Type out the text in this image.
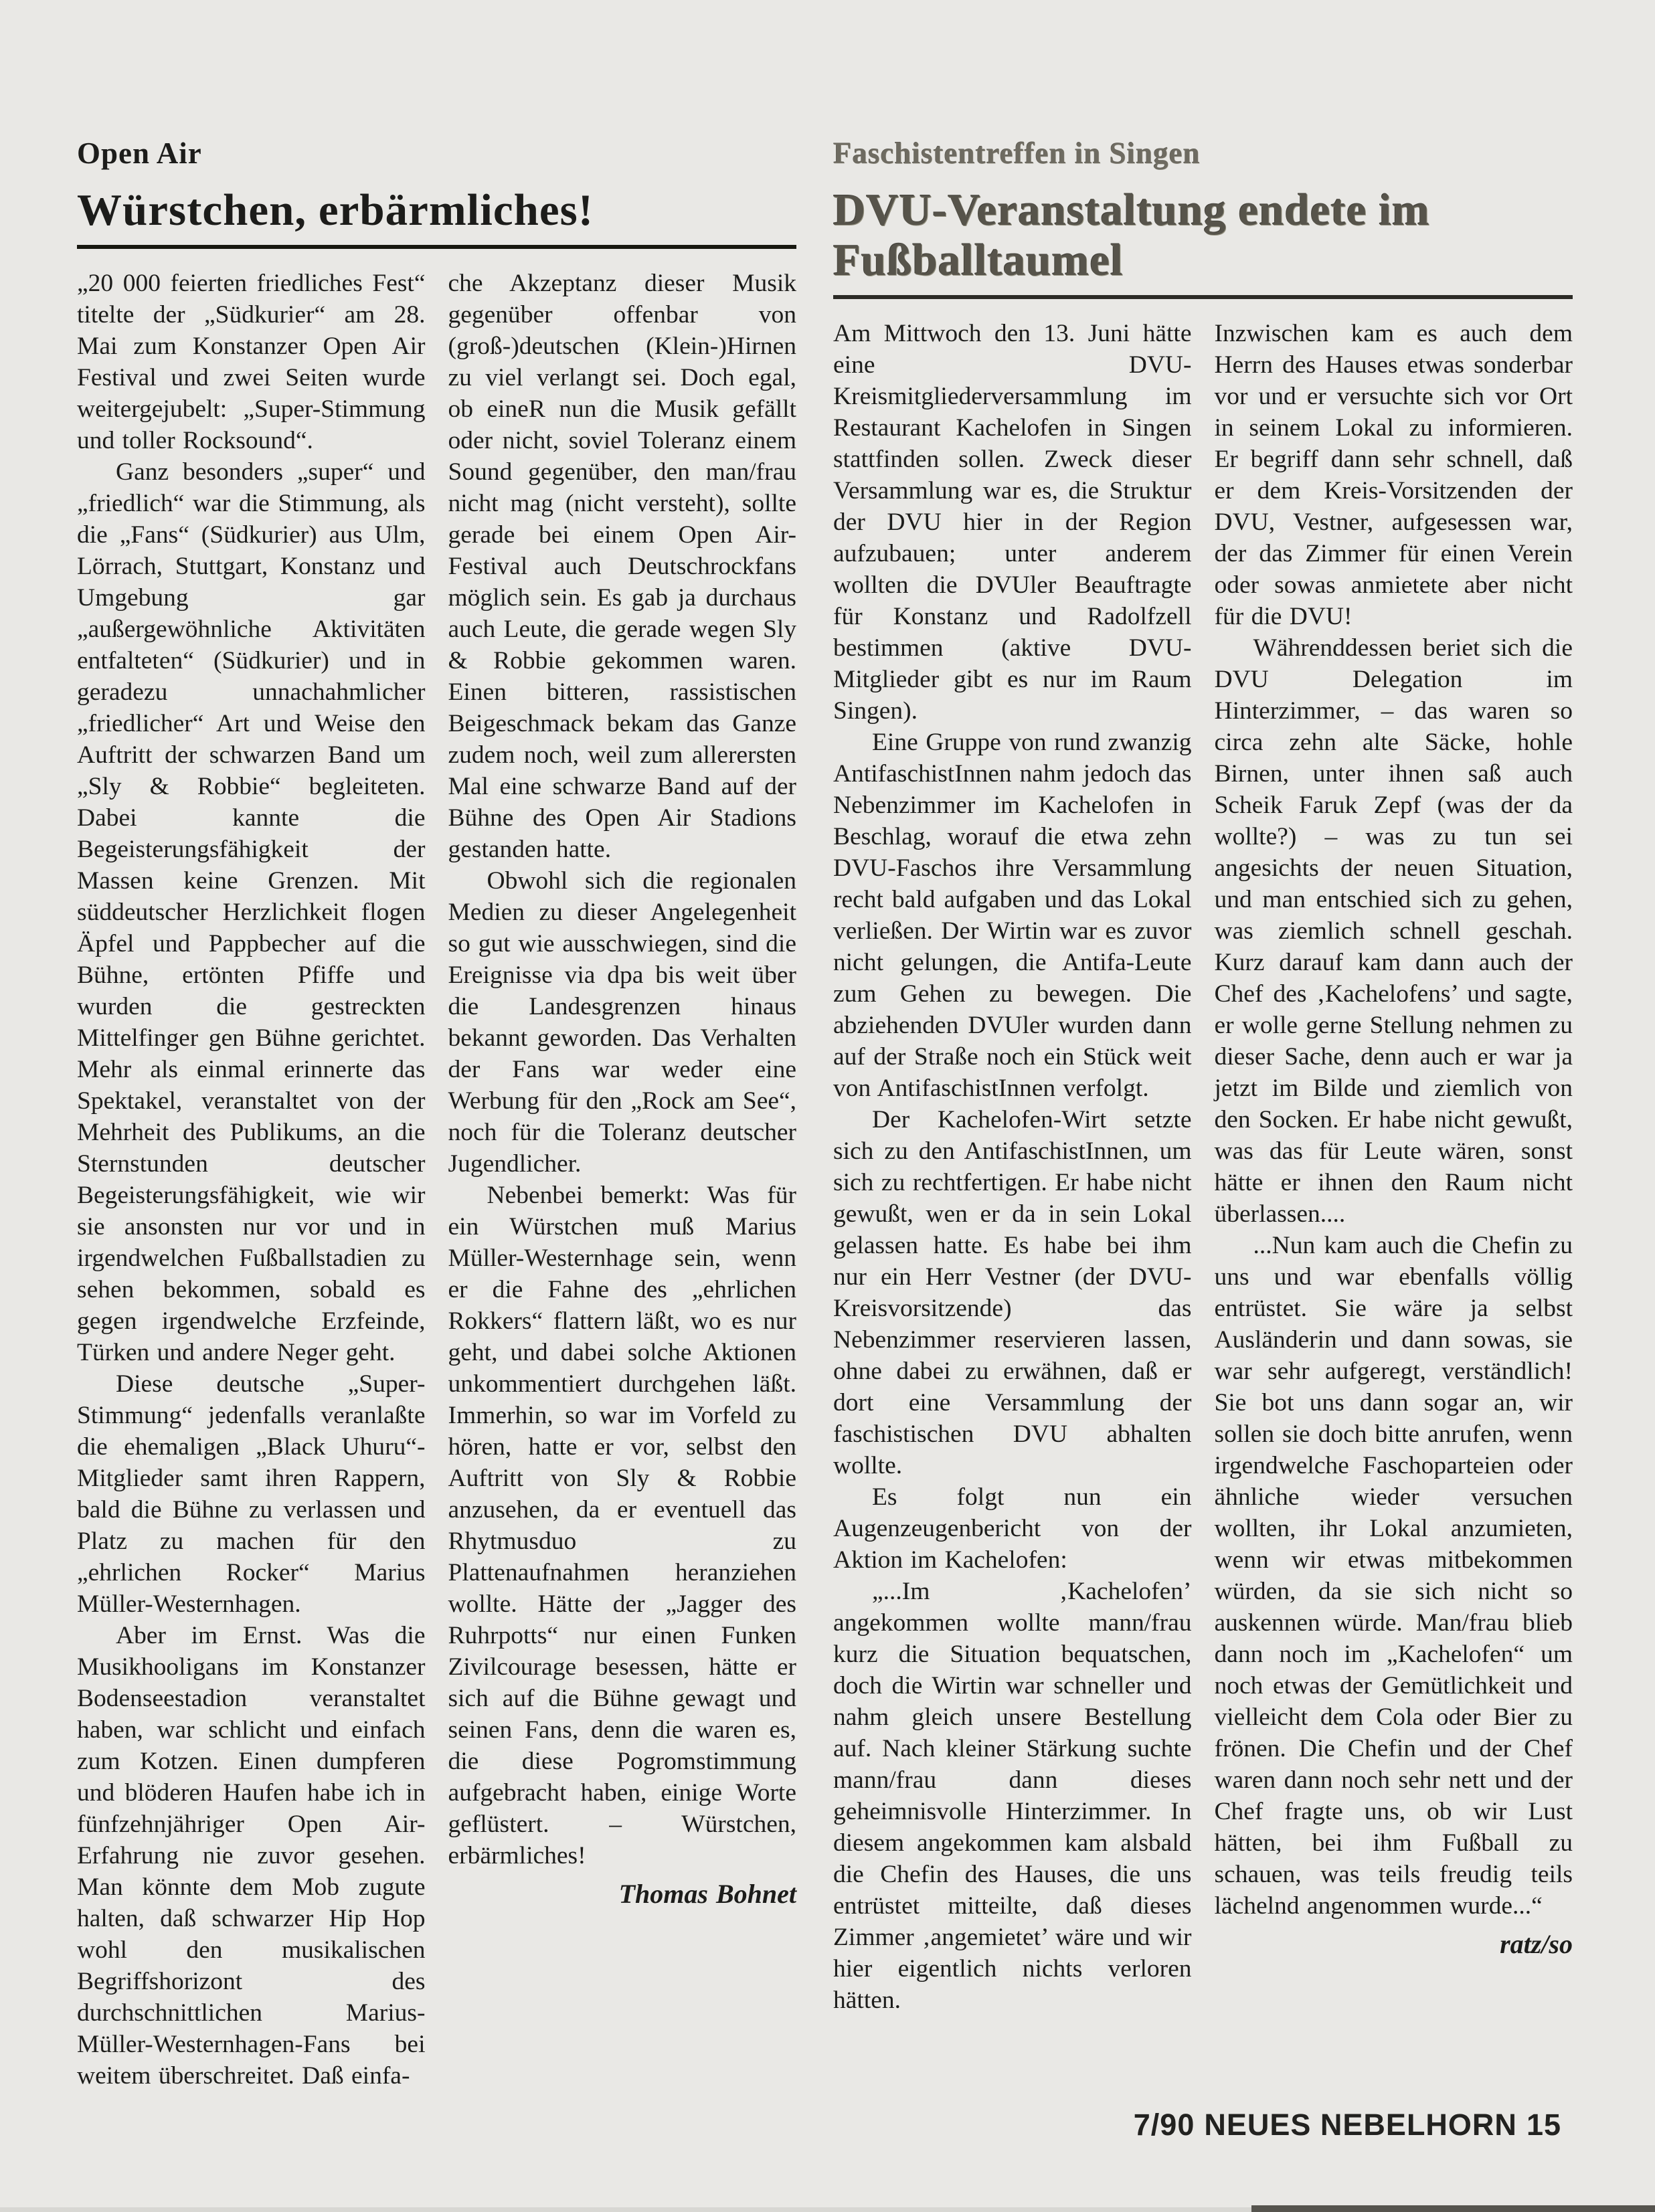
Open Air
Würstchen, erbärmliches!

„20 000 feierten friedliches Fest“ titelte der „Südkurier“ am 28. Mai zum Konstanzer Open Air Festival und zwei Seiten wurde weitergejubelt: „Super-Stimmung und toller Rocksound“.

Ganz besonders „super“ und „friedlich“ war die Stimmung, als die „Fans“ (Südkurier) aus Ulm, Lörrach, Stuttgart, Konstanz und Umgebung gar „außergewöhnliche Aktivitäten entfalteten“ (Südkurier) und in geradezu unnachahmlicher „friedlicher“ Art und Weise den Auftritt der schwarzen Band um „Sly & Robbie“ begleiteten. Dabei kannte die Begeisterungsfähigkeit der Massen keine Grenzen. Mit süddeutscher Herzlichkeit flogen Äpfel und Pappbecher auf die Bühne, ertönten Pfiffe und wurden die gestreckten Mittelfinger gen Bühne gerichtet. Mehr als einmal erinnerte das Spektakel, veranstaltet von der Mehrheit des Publikums, an die Sternstunden deutscher Begeisterungsfähigkeit, wie wir sie ansonsten nur vor und in irgendwelchen Fußballstadien zu sehen bekommen, sobald es gegen irgendwelche Erzfeinde, Türken und andere Neger geht.

Diese deutsche „Super-Stimmung“ jedenfalls veranlaßte die ehemaligen „Black Uhuru“-Mitglieder samt ihren Rappern, bald die Bühne zu verlassen und Platz zu machen für den „ehrlichen Rocker“ Marius Müller-Westernhagen.

Aber im Ernst. Was die Musikhooligans im Konstanzer Bodenseestadion veranstaltet haben, war schlicht und einfach zum Kotzen. Einen dumpferen und blöderen Haufen habe ich in fünfzehnjähriger Open Air-Erfahrung nie zuvor gesehen. Man könnte dem Mob zugute halten, daß schwarzer Hip Hop wohl den musikalischen Begriffshorizont des durchschnittlichen Marius-Müller-Westernhagen-Fans bei weitem überschreitet. Daß einfa-

che Akzeptanz dieser Musik gegenüber offenbar von (groß-)deutschen (Klein-)Hirnen zu viel verlangt sei. Doch egal, ob eineR nun die Musik gefällt oder nicht, soviel Toleranz einem Sound gegenüber, den man/frau nicht mag (nicht versteht), sollte gerade bei einem Open Air-Festival auch Deutschrockfans möglich sein. Es gab ja durchaus auch Leute, die gerade wegen Sly & Robbie gekommen waren. Einen bitteren, rassistischen Beigeschmack bekam das Ganze zudem noch, weil zum allerersten Mal eine schwarze Band auf der Bühne des Open Air Stadions gestanden hatte.

Obwohl sich die regionalen Medien zu dieser Angelegenheit so gut wie ausschwiegen, sind die Ereignisse via dpa bis weit über die Landesgrenzen hinaus bekannt geworden. Das Verhalten der Fans war weder eine Werbung für den „Rock am See“, noch für die Toleranz deutscher Jugendlicher.

Nebenbei bemerkt: Was für ein Würstchen muß Marius Müller-Westernhage sein, wenn er die Fahne des „ehrlichen Rokkers“ flattern läßt, wo es nur geht, und dabei solche Aktionen unkommentiert durchgehen läßt. Immerhin, so war im Vorfeld zu hören, hatte er vor, selbst den Auftritt von Sly & Robbie anzusehen, da er eventuell das Rhytmusduo zu Plattenaufnahmen heranziehen wollte. Hätte der „Jagger des Ruhrpotts“ nur einen Funken Zivilcourage besessen, hätte er sich auf die Bühne gewagt und seinen Fans, denn die waren es, die diese Pogromstimmung aufgebracht haben, einige Worte geflüstert. – Würstchen, erbärmliches!

Thomas Bohnet

Faschistentreffen in Singen
DVU-Veranstaltung endete im Fußballtaumel

Am Mittwoch den 13. Juni hätte eine DVU-Kreismitgliederversammlung im Restaurant Kachelofen in Singen stattfinden sollen. Zweck dieser Versammlung war es, die Struktur der DVU hier in der Region aufzubauen; unter anderem wollten die DVUler Beauftragte für Konstanz und Radolfzell bestimmen (aktive DVU-Mitglieder gibt es nur im Raum Singen).

Eine Gruppe von rund zwanzig AntifaschistInnen nahm jedoch das Nebenzimmer im Kachelofen in Beschlag, worauf die etwa zehn DVU-Faschos ihre Versammlung recht bald aufgaben und das Lokal verließen. Der Wirtin war es zuvor nicht gelungen, die Antifa-Leute zum Gehen zu bewegen. Die abziehenden DVUler wurden dann auf der Straße noch ein Stück weit von AntifaschistInnen verfolgt.

Der Kachelofen-Wirt setzte sich zu den AntifaschistInnen, um sich zu rechtfertigen. Er habe nicht gewußt, wen er da in sein Lokal gelassen hatte. Es habe bei ihm nur ein Herr Vestner (der DVU-Kreisvorsitzende) das Nebenzimmer reservieren lassen, ohne dabei zu erwähnen, daß er dort eine Versammlung der faschistischen DVU abhalten wollte.

Es folgt nun ein Augenzeugenbericht von der Aktion im Kachelofen:

„...Im ‚Kachelofen’ angekommen wollte mann/frau kurz die Situation bequatschen, doch die Wirtin war schneller und nahm gleich unsere Bestellung auf. Nach kleiner Stärkung suchte mann/frau dann dieses geheimnisvolle Hinterzimmer. In diesem angekommen kam alsbald die Chefin des Hauses, die uns entrüstet mitteilte, daß dieses Zimmer ‚angemietet’ wäre und wir hier eigentlich nichts verloren hätten.

Inzwischen kam es auch dem Herrn des Hauses etwas sonderbar vor und er versuchte sich vor Ort in seinem Lokal zu informieren. Er begriff dann sehr schnell, daß er dem Kreis-Vorsitzenden der DVU, Vestner, aufgesessen war, der das Zimmer für einen Verein oder sowas anmietete aber nicht für die DVU!

Währenddessen beriet sich die DVU Delegation im Hinterzimmer, – das waren so circa zehn alte Säcke, hohle Birnen, unter ihnen saß auch Scheik Faruk Zepf (was der da wollte?) – was zu tun sei angesichts der neuen Situation, und man entschied sich zu gehen, was ziemlich schnell geschah. Kurz darauf kam dann auch der Chef des ‚Kachelofens’ und sagte, er wolle gerne Stellung nehmen zu dieser Sache, denn auch er war ja jetzt im Bilde und ziemlich von den Socken. Er habe nicht gewußt, was das für Leute wären, sonst hätte er ihnen den Raum nicht überlassen....

...Nun kam auch die Chefin zu uns und war ebenfalls völlig entrüstet. Sie wäre ja selbst Ausländerin und dann sowas, sie war sehr aufgeregt, verständlich! Sie bot uns dann sogar an, wir sollen sie doch bitte anrufen, wenn irgendwelche Faschoparteien oder ähnliche wieder versuchen wollten, ihr Lokal anzumieten, wenn wir etwas mitbekommen würden, da sie sich nicht so auskennen würde. Man/frau blieb dann noch im „Kachelofen“ um noch etwas der Gemütlichkeit und vielleicht dem Cola oder Bier zu frönen. Die Chefin und der Chef waren dann noch sehr nett und der Chef fragte uns, ob wir Lust hätten, bei ihm Fußball zu schauen, was teils freudig teils lächelnd angenommen wurde...“

ratz/so

7/90 NEUES NEBELHORN 15
